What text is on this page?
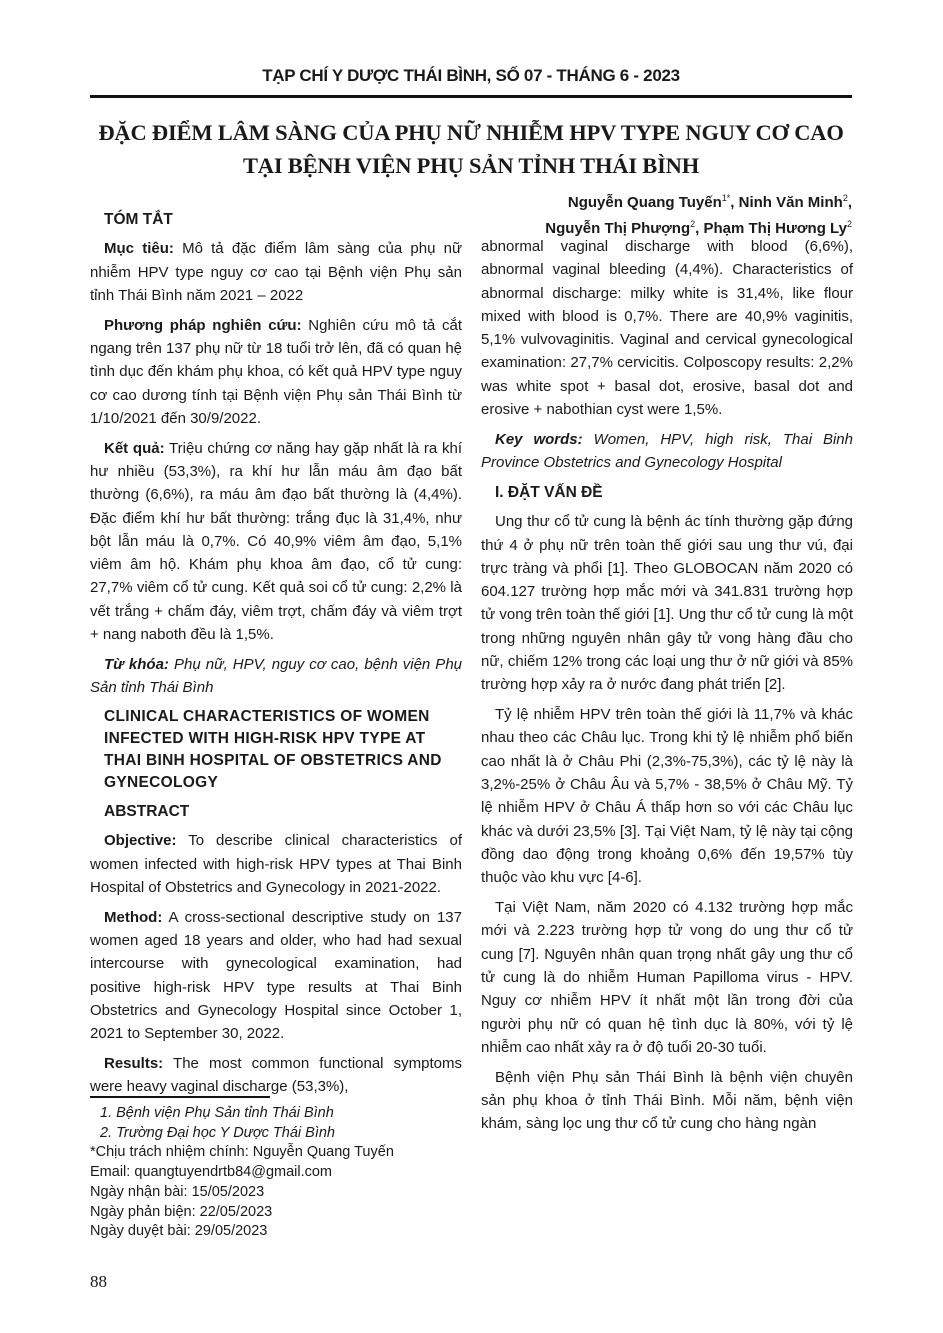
TẠP CHÍ Y DƯỢC THÁI BÌNH, SỐ 07 - THÁNG 6 - 2023
ĐẶC ĐIỂM LÂM SÀNG CỦA PHỤ NỮ NHIỄM HPV TYPE NGUY CƠ CAO
TẠI BỆNH VIỆN PHỤ SẢN TỈNH THÁI BÌNH
Nguyễn Quang Tuyến$^{1*}$, Ninh Văn Minh$^2$,
Nguyễn Thị Phượng$^2$, Phạm Thị Hương Ly$^2$
TÓM TẮT

Mục tiêu: Mô tả đặc điểm lâm sàng của phụ nữ nhiễm HPV type nguy cơ cao tại Bệnh viện Phụ sản tỉnh Thái Bình năm 2021 – 2022

Phương pháp nghiên cứu: Nghiên cứu mô tả cắt ngang trên 137 phụ nữ từ 18 tuổi trở lên, đã có quan hệ tình dục đến khám phụ khoa, có kết quả HPV type nguy cơ cao dương tính tại Bệnh viện Phụ sản Thái Bình từ 1/10/2021 đến 30/9/2022.

Kết quả: Triệu chứng cơ năng hay gặp nhất là ra khí hư nhiều (53,3%), ra khí hư lẫn máu âm đạo bất thường (6,6%), ra máu âm đạo bất thường là (4,4%). Đặc điểm khí hư bất thường: trắng đục là 31,4%, như bột lẫn máu là 0,7%. Có 40,9% viêm âm đạo, 5,1% viêm âm hộ. Khám phụ khoa âm đạo, cổ tử cung: 27,7% viêm cổ tử cung. Kết quả soi cổ tử cung: 2,2% là vết trắng + chấm đáy, viêm trợt, chấm đáy và viêm trợt + nang naboth đều là 1,5%.

Từ khóa: Phụ nữ, HPV, nguy cơ cao, bệnh viện Phụ Sản tỉnh Thái Bình

CLINICAL CHARACTERISTICS OF WOMEN INFECTED WITH HIGH-RISK HPV TYPE AT THAI BINH HOSPITAL OF OBSTETRICS AND GYNECOLOGY
ABSTRACT

Objective: To describe clinical characteristics of women infected with high-risk HPV types at Thai Binh Hospital of Obstetrics and Gynecology in 2021-2022.

Method: A cross-sectional descriptive study on 137 women aged 18 years and older, who had had sexual intercourse with gynecological examination, had positive high-risk HPV type results at Thai Binh Obstetrics and Gynecology Hospital since October 1, 2021 to September 30, 2022.

Results: The most common functional symptoms were heavy vaginal discharge (53,3%),

abnormal vaginal discharge with blood (6,6%), abnormal vaginal bleeding (4,4%). Characteristics of abnormal discharge: milky white is 31,4%, like flour mixed with blood is 0,7%. There are 40,9% vaginitis, 5,1% vulvovaginitis. Vaginal and cervical gynecological examination: 27,7% cervicitis. Colposcopy results: 2,2% was white spot + basal dot, erosive, basal dot and erosive + nabothian cyst were 1,5%.

Key words: Women, HPV, high risk, Thai Binh Province Obstetrics and Gynecology Hospital

I. ĐẶT VẤN ĐỀ

Ung thư cổ tử cung là bệnh ác tính thường gặp đứng thứ 4 ở phụ nữ trên toàn thế giới sau ung thư vú, đại trực tràng và phổi [1]. Theo GLOBOCAN năm 2020 có 604.127 trường hợp mắc mới và 341.831 trường hợp tử vong trên toàn thế giới [1]. Ung thư cổ tử cung là một trong những nguyên nhân gây tử vong hàng đầu cho nữ, chiếm 12% trong các loại ung thư ở nữ giới và 85% trường hợp xảy ra ở nước đang phát triển [2].

Tỷ lệ nhiễm HPV trên toàn thế giới là 11,7% và khác nhau theo các Châu lục. Trong khi tỷ lệ nhiễm phổ biến cao nhất là ở Châu Phi (2,3%-75,3%), các tỷ lệ này là 3,2%-25% ở Châu Âu và 5,7% - 38,5% ở Châu Mỹ. Tỷ lệ nhiễm HPV ở Châu Á thấp hơn so với các Châu lục khác và dưới 23,5% [3]. Tại Việt Nam, tỷ lệ này tại cộng đồng dao động trong khoảng 0,6% đến 19,57% tùy thuộc vào khu vực [4-6].

Tại Việt Nam, năm 2020 có 4.132 trường hợp mắc mới và 2.223 trường hợp tử vong do ung thư cổ tử cung [7]. Nguyên nhân quan trọng nhất gây ung thư cổ tử cung là do nhiễm Human Papilloma virus - HPV. Nguy cơ nhiễm HPV ít nhất một lần trong đời của người phụ nữ có quan hệ tình dục là 80%, với tỷ lệ nhiễm cao nhất xảy ra ở độ tuổi 20-30 tuổi.

Bệnh viện Phụ sản Thái Bình là bệnh viện chuyên sản phụ khoa ở tỉnh Thái Bình. Mỗi năm, bệnh viện khám, sàng lọc ung thư cổ tử cung cho hàng ngàn

1. Bệnh viện Phụ Sản tỉnh Thái Bình
2. Trường Đại học Y Dược Thái Bình
*Chịu trách nhiệm chính: Nguyễn Quang Tuyến
Email: quangtuyendrtb84@gmail.com
Ngày nhận bài: 15/05/2023
Ngày phản biện: 22/05/2023
Ngày duyệt bài: 29/05/2023
88
